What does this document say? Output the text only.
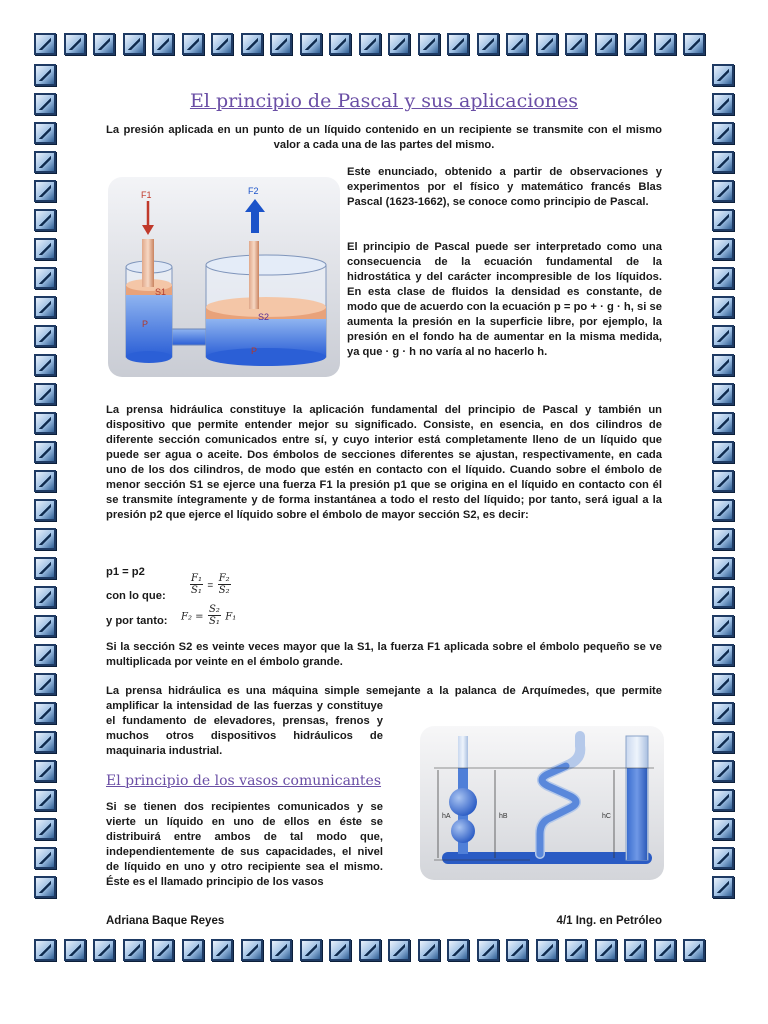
El principio de Pascal y sus aplicaciones

La presión aplicada en un punto de un líquido contenido en un recipiente se transmite con el mismo valor a cada una de las partes del mismo.

F1	F2
S1
S2
P
P

Este enunciado, obtenido a partir de observaciones y experimentos por el físico y matemático francés Blas Pascal (1623-1662), se conoce como principio de Pascal.

El principio de Pascal puede ser interpretado como una consecuencia de la ecuación fundamental de la hidrostática y del carácter incompresible de los líquidos. En esta clase de fluidos la densidad es constante, de modo que de acuerdo con la ecuación p = po + · g · h, si se aumenta la presión en la superficie libre, por ejemplo, la presión en el fondo ha de aumentar en la misma medida, ya que · g · h no varía al no hacerlo h.

La prensa hidráulica constituye la aplicación fundamental del principio de Pascal y también un dispositivo que permite entender mejor su significado. Consiste, en esencia, en dos cilindros de diferente sección comunicados entre sí, y cuyo interior está completamente lleno de un líquido que puede ser agua o aceite. Dos émbolos de secciones diferentes se ajustan, respectivamente, en cada uno de los dos cilindros, de modo que estén en contacto con el líquido. Cuando sobre el émbolo de menor sección S1 se ejerce una fuerza F1 la presión p1 que se origina en el líquido en contacto con él se transmite íntegramente y de forma instantánea a todo el resto del líquido; por tanto, será igual a la presión p2 que ejerce el líquido sobre el émbolo de mayor sección S2, es decir:

p1 = p2

con lo que:	$\frac{\text{F₁}}{\text{S₁}} = \frac{\text{F₂}}{\text{S₂}}$

y por tanto:	$F_2 = \frac{\text{S₂}}{\text{S₁}} F_1$

Si la sección S2 es veinte veces mayor que la S1, la fuerza F1 aplicada sobre el émbolo pequeño se ve multiplicada por veinte en el émbolo grande.

La prensa hidráulica es una máquina simple semejante a la palanca de Arquímedes, que permite

amplificar la intensidad de las fuerzas y constituye el fundamento de elevadores, prensas, frenos y muchos otros dispositivos hidráulicos de maquinaria industrial.

El principio de los vasos comunicantes

Si se tienen dos recipientes comunicados y se vierte un líquido en uno de ellos en éste se distribuirá entre ambos de tal modo que, independientemente de sus capacidades, el nivel de líquido en uno y otro recipiente sea el mismo. Éste es el llamado principio de los vasos

hA	hB	hC
Adriana Baque Reyes	4/1 Ing. en Petróleo
